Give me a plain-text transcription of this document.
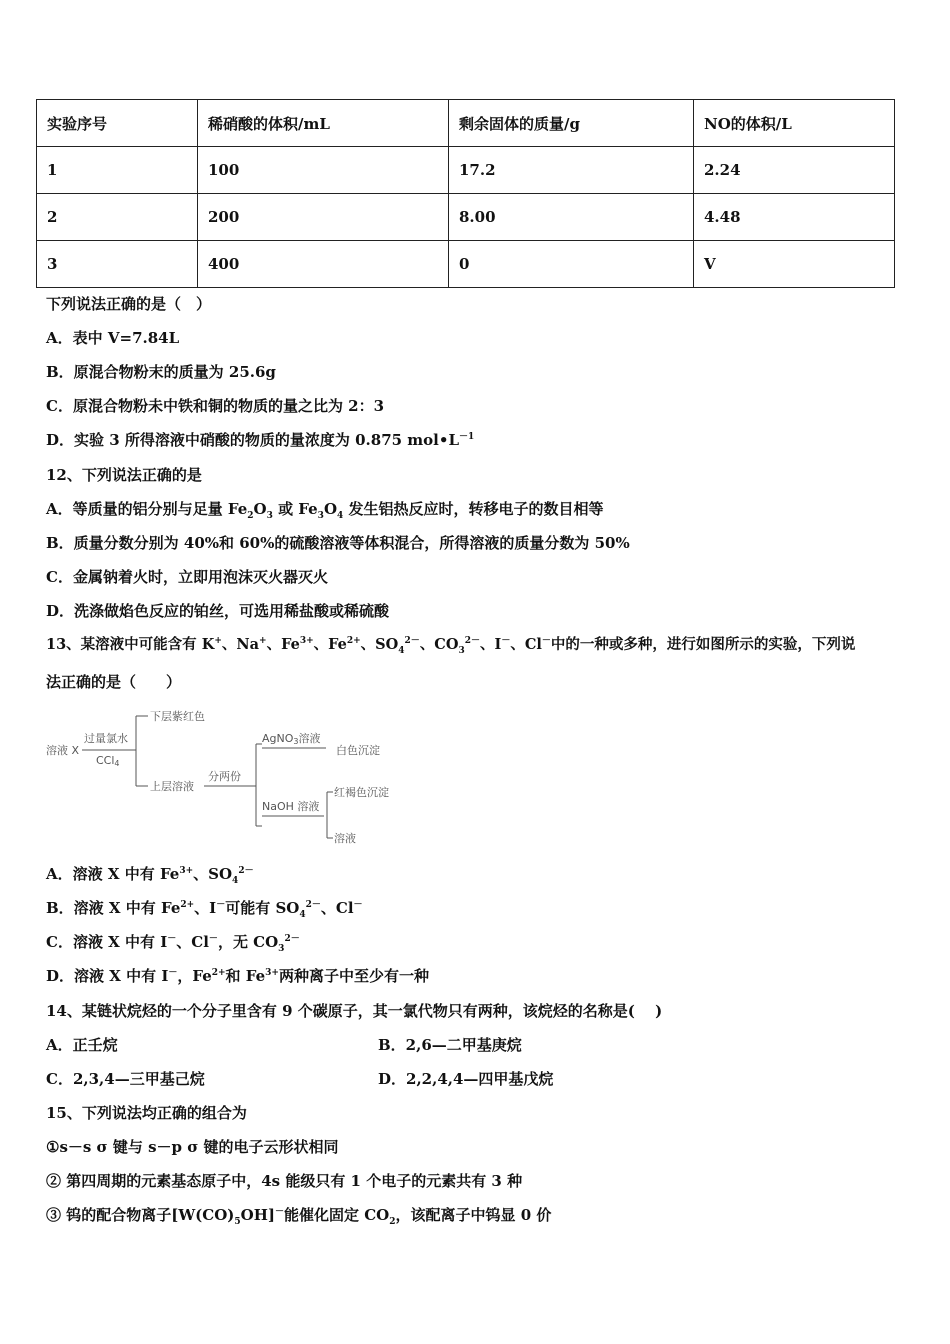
实验序号	稀硝酸的体积/mL	剩余固体的质量/g	NO的体积/L
1	100	17.2	2.24
2	200	8.00	4.48
3	400	0	V
下列说法正确的是（　）
A．表中 V=7.84L
B．原混合物粉末的质量为 25.6g
C．原混合物粉未中铁和铜的物质的量之比为 2：3
D．实验 3 所得溶液中硝酸的物质的量浓度为 0.875 $mol•L^{-1}$
12、下列说法正确的是
A．等质量的铝分别与足量 $Fe_2O_3$ 或 $Fe_3O_4$ 发生铝热反应时，转移电子的数目相等
B．质量分数分别为 40%和 60%的硫酸溶液等体积混合，所得溶液的质量分数为 50%
C．金属钠着火时，立即用泡沫灭火器灭火
D．洗涤做焰色反应的铂丝，可选用稀盐酸或稀硫酸
13、某溶液中可能含有 K+、Na+、$Fe^{3+}$、$Fe^{2+}$、$SO_4^{2-}$、$CO_3^{2-}$、I－、Cl－中的一种或多种，进行如图所示的实验，下列说
法正确的是（　　）
溶液 X
过量氯水
CCl4
下层紫红色
上层溶液
分两份
AgNO3溶液
白色沉淀
NaOH 溶液
红褐色沉淀
溶液
A．溶液 X 中有 $Fe^{3+}$、$SO_4^{2-}$
B．溶液 X 中有 $Fe^{2+}$、I－可能有 $SO_4^{2-}$、Cl－
C．溶液 X 中有 I－、Cl－，无 $CO_3^{2-}$
D．溶液 X 中有 I－，$Fe^{2+}$和 $Fe^{3+}$两种离子中至少有一种
14、某链状烷烃的一个分子里含有 9 个碳原子，其一氯代物只有两种，该烷烃的名称是(　 )
A．正壬烷	B．2,6—二甲基庚烷
C．2,3,4—三甲基己烷	D．2,2,4,4—四甲基戊烷
15、下列说法均正确的组合为
①s－s σ 键与 s－p σ 键的电子云形状相同
② 第四周期的元素基态原子中，4s 能级只有 1 个电子的元素共有 3 种
③ 钨的配合物离子$[W(CO)_5OH]^-$能催化固定 $CO_2$，该配离子中钨显 0 价
